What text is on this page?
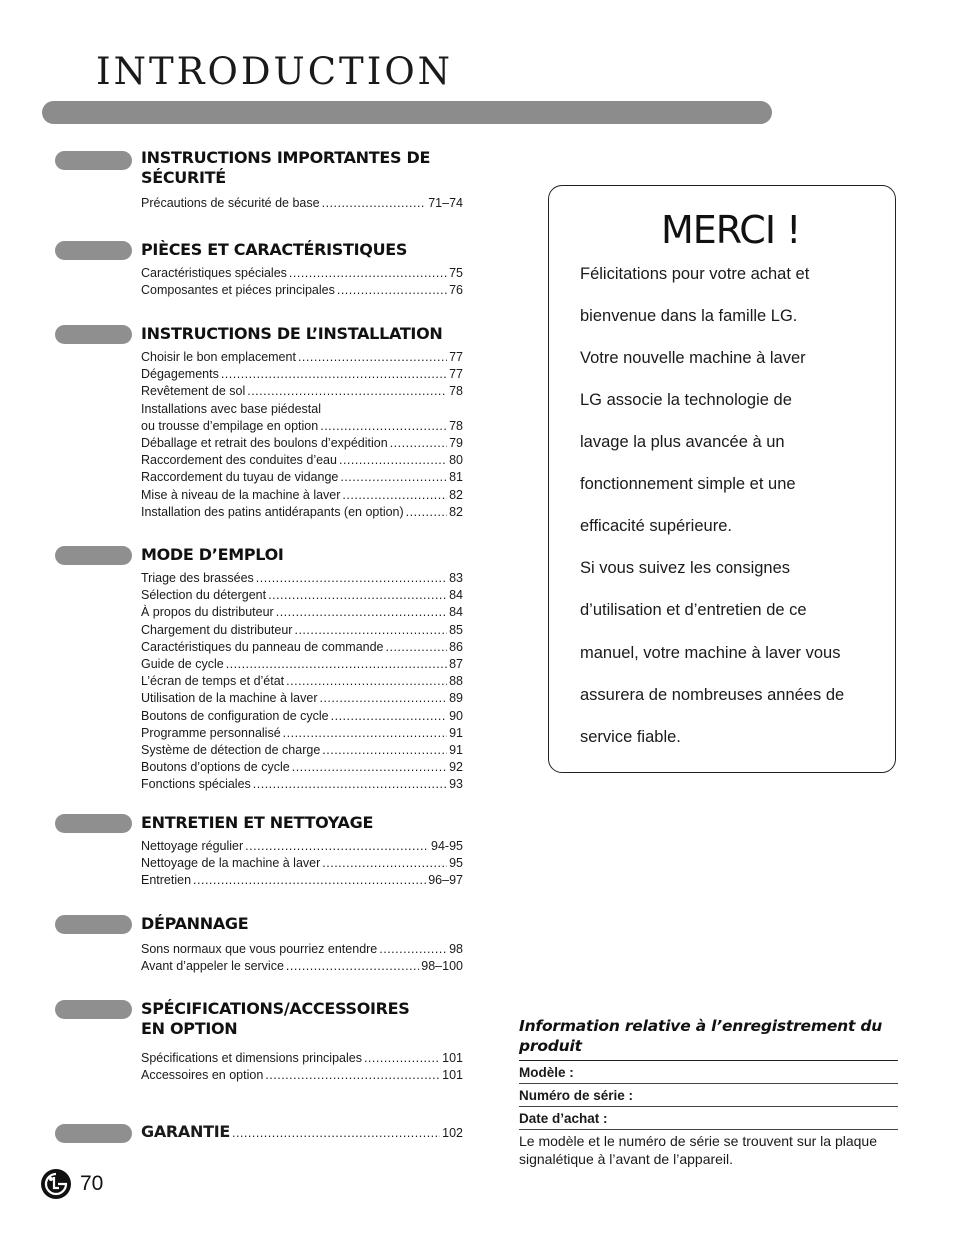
INTRODUCTION
INSTRUCTIONS IMPORTANTES DE SÉCURITÉ
Précautions de sécurité de base .....	71–74
PIÈCES ET CARACTÉRISTIQUES
Caractéristiques spéciales .....	75
Composantes et piéces principales .....	76
INSTRUCTIONS DE L’INSTALLATION
Choisir le bon emplacement .....	77
Dégagements .....	77
Revêtement de sol .....	78
Installations avec base piédestal
ou trousse d’empilage en option .....	78
Déballage et retrait des boulons d’expédition .....	79
Raccordement des conduites d’eau .....	80
Raccordement du tuyau de vidange .....	81
Mise à niveau de la machine à laver .....	82
Installation des patins antidérapants (en option) .....	82
MODE D’EMPLOI
Triage des brassées .....	83
Sélection du détergent .....	84
À propos du distributeur .....	84
Chargement du distributeur .....	85
Caractéristiques du panneau de commande .....	86
Guide de cycle .....	87
L’écran de temps et d’état .....	88
Utilisation de la machine à laver .....	89
Boutons de configuration de cycle .....	90
Programme personnalisé .....	91
Système de détection de charge .....	91
Boutons d’options de cycle .....	92
Fonctions spéciales .....	93
ENTRETIEN ET NETTOYAGE
Nettoyage régulier .....	94-95
Nettoyage de la machine à laver .....	95
Entretien .....	96–97
DÉPANNAGE
Sons normaux que vous pourriez entendre .....	98
Avant d’appeler le service .....	98–100
SPÉCIFICATIONS/ACCESSOIRES EN OPTION
Spécifications et dimensions principales .....	101
Accessoires en option .....	101
GARANTIE .....	102
MERCI !
Félicitations pour votre achat et
bienvenue dans la famille LG.
Votre nouvelle machine à laver
LG associe la technologie de
lavage la plus avancée à un
fonctionnement simple et une
efficacité supérieure.
Si vous suivez les consignes
d’utilisation et d’entretien de ce
manuel, votre machine à laver vous
assurera de nombreuses années de
service fiable.
Information relative à l’enregistrement du produit
Modèle :
Numéro de série :
Date d’achat :
Le modèle et le numéro de série se trouvent sur la plaque signalétique à l’avant de l’appareil.
70
